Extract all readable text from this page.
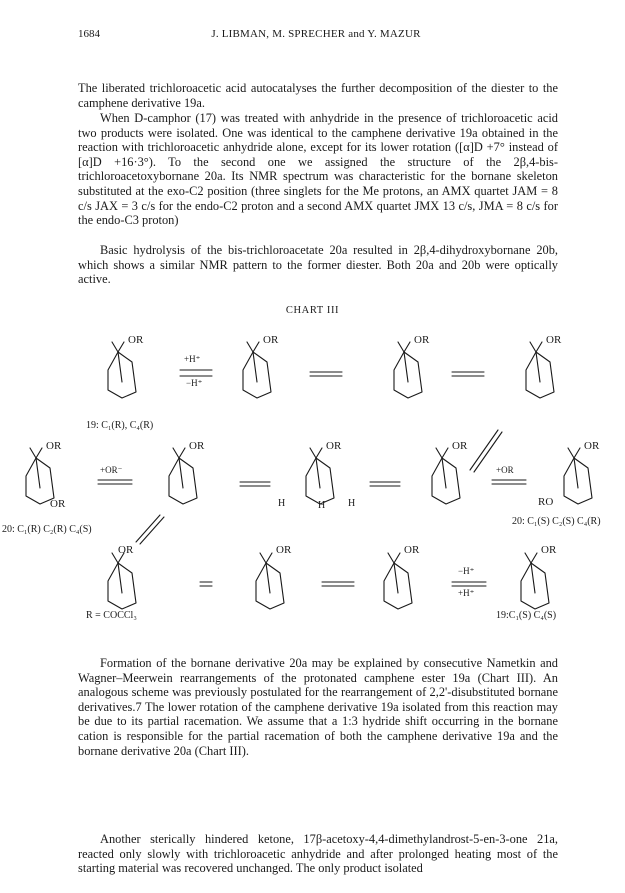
1684	J. LIBMAN, M. SPRECHER and Y. MAZUR

The liberated trichloroacetic acid autocatalyses the further decomposition of the diester to the camphene derivative 19a.

When D-camphor (17) was treated with anhydride in the presence of trichloroacetic acid two products were isolated. One was identical to the camphene derivative 19a obtained in the reaction with trichloroacetic anhydride alone, except for its lower rotation ([α]D +7° instead of [α]D +16·3°). To the second one we assigned the structure of the 2β,4-bis-trichloroacetoxybornane 20a. Its NMR spectrum was characteristic for the bornane skeleton substituted at the exo-C2 position (three singlets for the Me protons, an AMX quartet JAM = 8 c/s JAX = 3 c/s for the endo-C2 proton and a second AMX quartet JMX 13 c/s, JMA = 8 c/s for the endo-C3 proton)

Basic hydrolysis of the bis-trichloroacetate 20a resulted in 2β,4-dihydroxybornane 20b, which shows a similar NMR pattern to the former diester. Both 20a and 20b were optically active.

CHART III
OR	OR	OR	OR
OR
OR
OR	OR	OR	OR
RO
OR	OR	OR	OR
+H⁺
−H⁺
+OR⁻	+OR
−H⁺
+H⁺
H	H H
19: C₁(R), C₄(R)
20: C₁(R) C₂(R) C₄(S)
20: C₁(S) C₂(S) C₄(R)
R = COCCl₃	19:C₁(S) C₄(S)

Formation of the bornane derivative 20a may be explained by consecutive Nametkin and Wagner–Meerwein rearrangements of the protonated camphene ester 19a (Chart III). An analogous scheme was previously postulated for the rearrangement of 2,2'-disubstituted bornane derivatives.7 The lower rotation of the camphene derivative 19a isolated from this reaction may be due to its partial racemation. We assume that a 1:3 hydride shift occurring in the bornane cation is responsible for the partial racemation of both the camphene derivative 19a and the bornane derivative 20a (Chart III).

Another sterically hindered ketone, 17β-acetoxy-4,4-dimethylandrost-5-en-3-one 21a, reacted only slowly with trichloroacetic anhydride and after prolonged heating most of the starting material was recovered unchanged. The only product isolated
